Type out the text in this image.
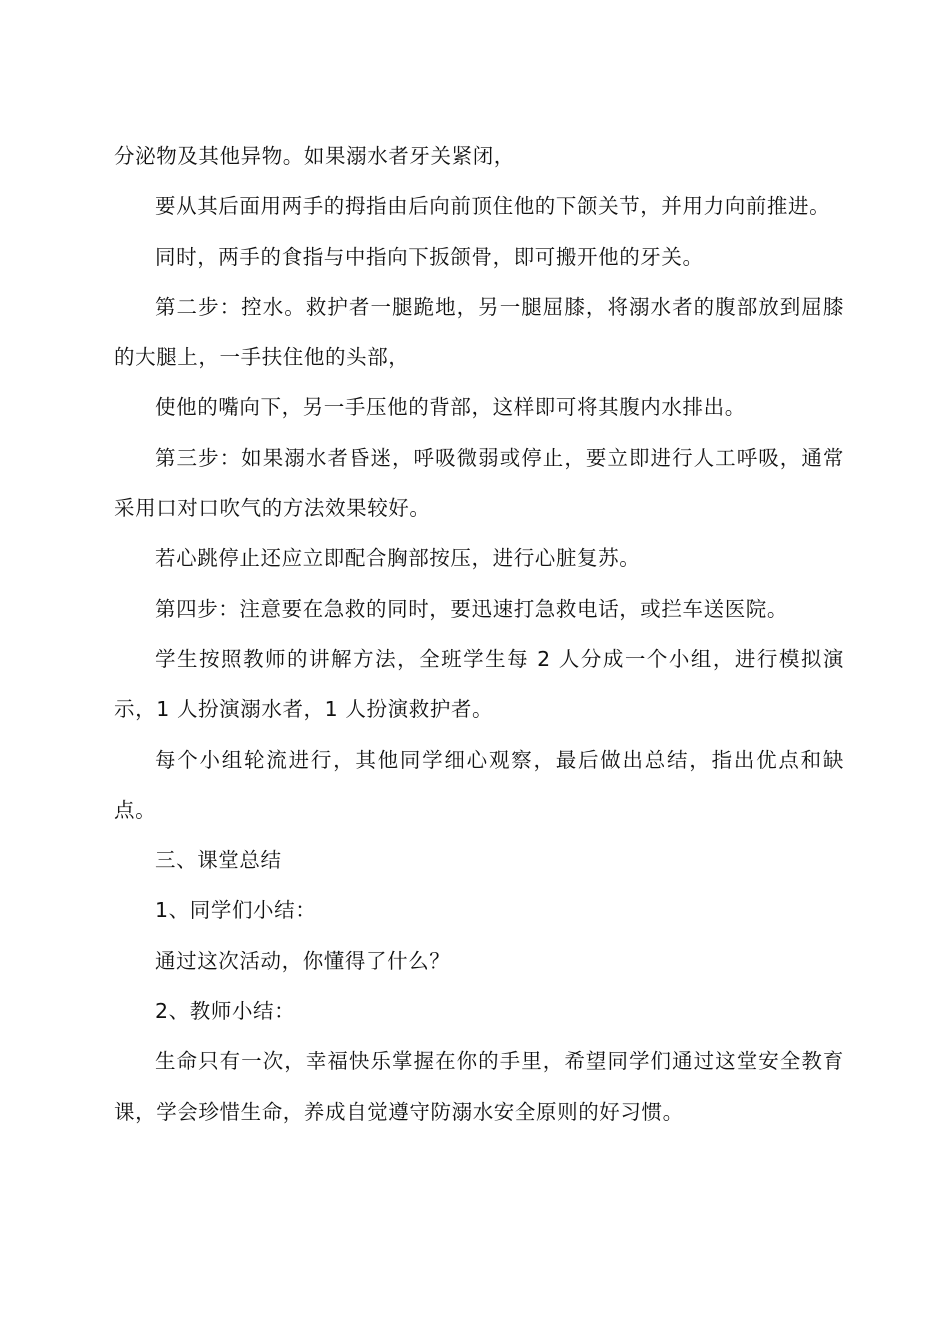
分泌物及其他异物。如果溺水者牙关紧闭，

要从其后面用两手的拇指由后向前顶住他的下颌关节，并用力向前推进。

同时，两手的食指与中指向下扳颌骨，即可搬开他的牙关。

第二步：控水。救护者一腿跪地，另一腿屈膝，将溺水者的腹部放到屈膝的大腿上，一手扶住他的头部，

使他的嘴向下，另一手压他的背部，这样即可将其腹内水排出。

第三步：如果溺水者昏迷，呼吸微弱或停止，要立即进行人工呼吸，通常采用口对口吹气的方法效果较好。

若心跳停止还应立即配合胸部按压，进行心脏复苏。

第四步：注意要在急救的同时，要迅速打急救电话，或拦车送医院。

学生按照教师的讲解方法，全班学生每 2 人分成一个小组，进行模拟演示，1 人扮演溺水者，1 人扮演救护者。

每个小组轮流进行，其他同学细心观察，最后做出总结，指出优点和缺点。

三、课堂总结

1、同学们小结：

通过这次活动，你懂得了什么？

2、教师小结：

生命只有一次，幸福快乐掌握在你的手里，希望同学们通过这堂安全教育课，学会珍惜生命，养成自觉遵守防溺水安全原则的好习惯。
